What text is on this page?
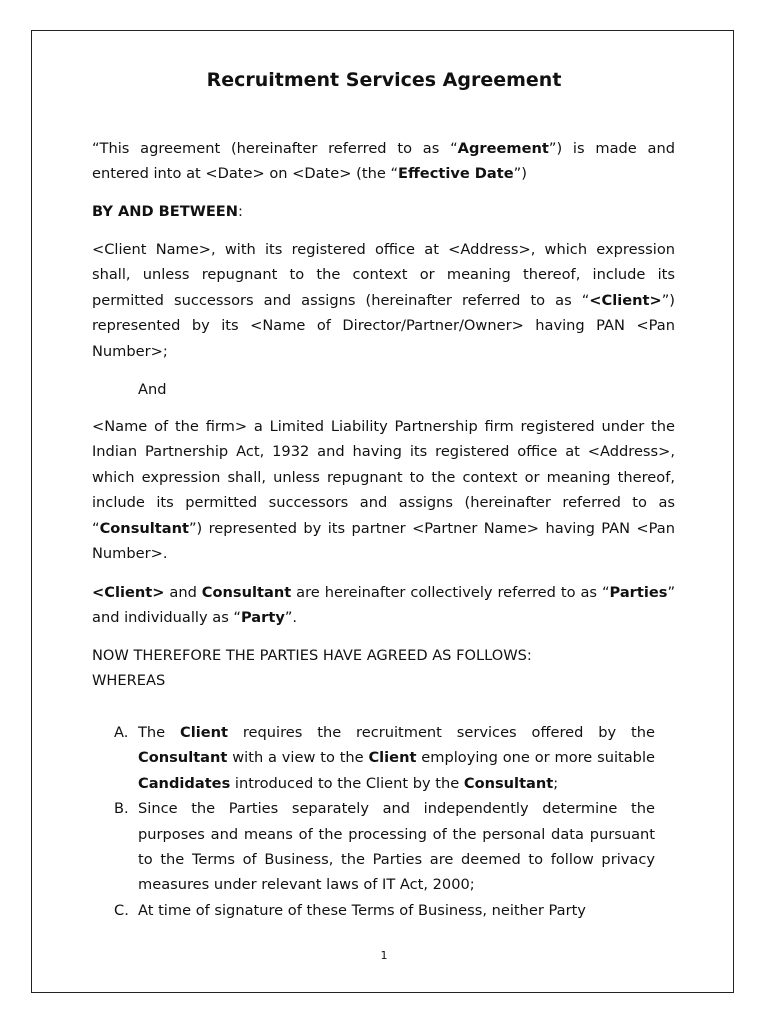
Recruitment Services Agreement

“This agreement (hereinafter referred to as “Agreement”) is made and entered into at <Date> on <Date> (the “Effective Date”)

BY AND BETWEEN:

<Client Name>, with its registered office at <Address>, which expression shall, unless repugnant to the context or meaning thereof, include its permitted successors and assigns (hereinafter referred to as “<Client>”) represented by its <Name of Director/Partner/Owner> having PAN <Pan Number>;

And

<Name of the firm> a Limited Liability Partnership firm registered under the Indian Partnership Act, 1932 and having its registered office at <Address>, which expression shall, unless repugnant to the context or meaning thereof, include its permitted successors and assigns (hereinafter referred to as “Consultant”) represented by its partner <Partner Name> having PAN <Pan Number>.

<Client> and Consultant are hereinafter collectively referred to as “Parties” and individually as “Party”.

NOW THEREFORE THE PARTIES HAVE AGREED AS FOLLOWS:

WHEREAS

A. The Client requires the recruitment services offered by the Consultant with a view to the Client employing one or more suitable Candidates introduced to the Client by the Consultant;
B. Since the Parties separately and independently determine the purposes and means of the processing of the personal data pursuant to the Terms of Business, the Parties are deemed to follow privacy measures under relevant laws of IT Act, 2000;
C. At time of signature of these Terms of Business, neither Party
1
